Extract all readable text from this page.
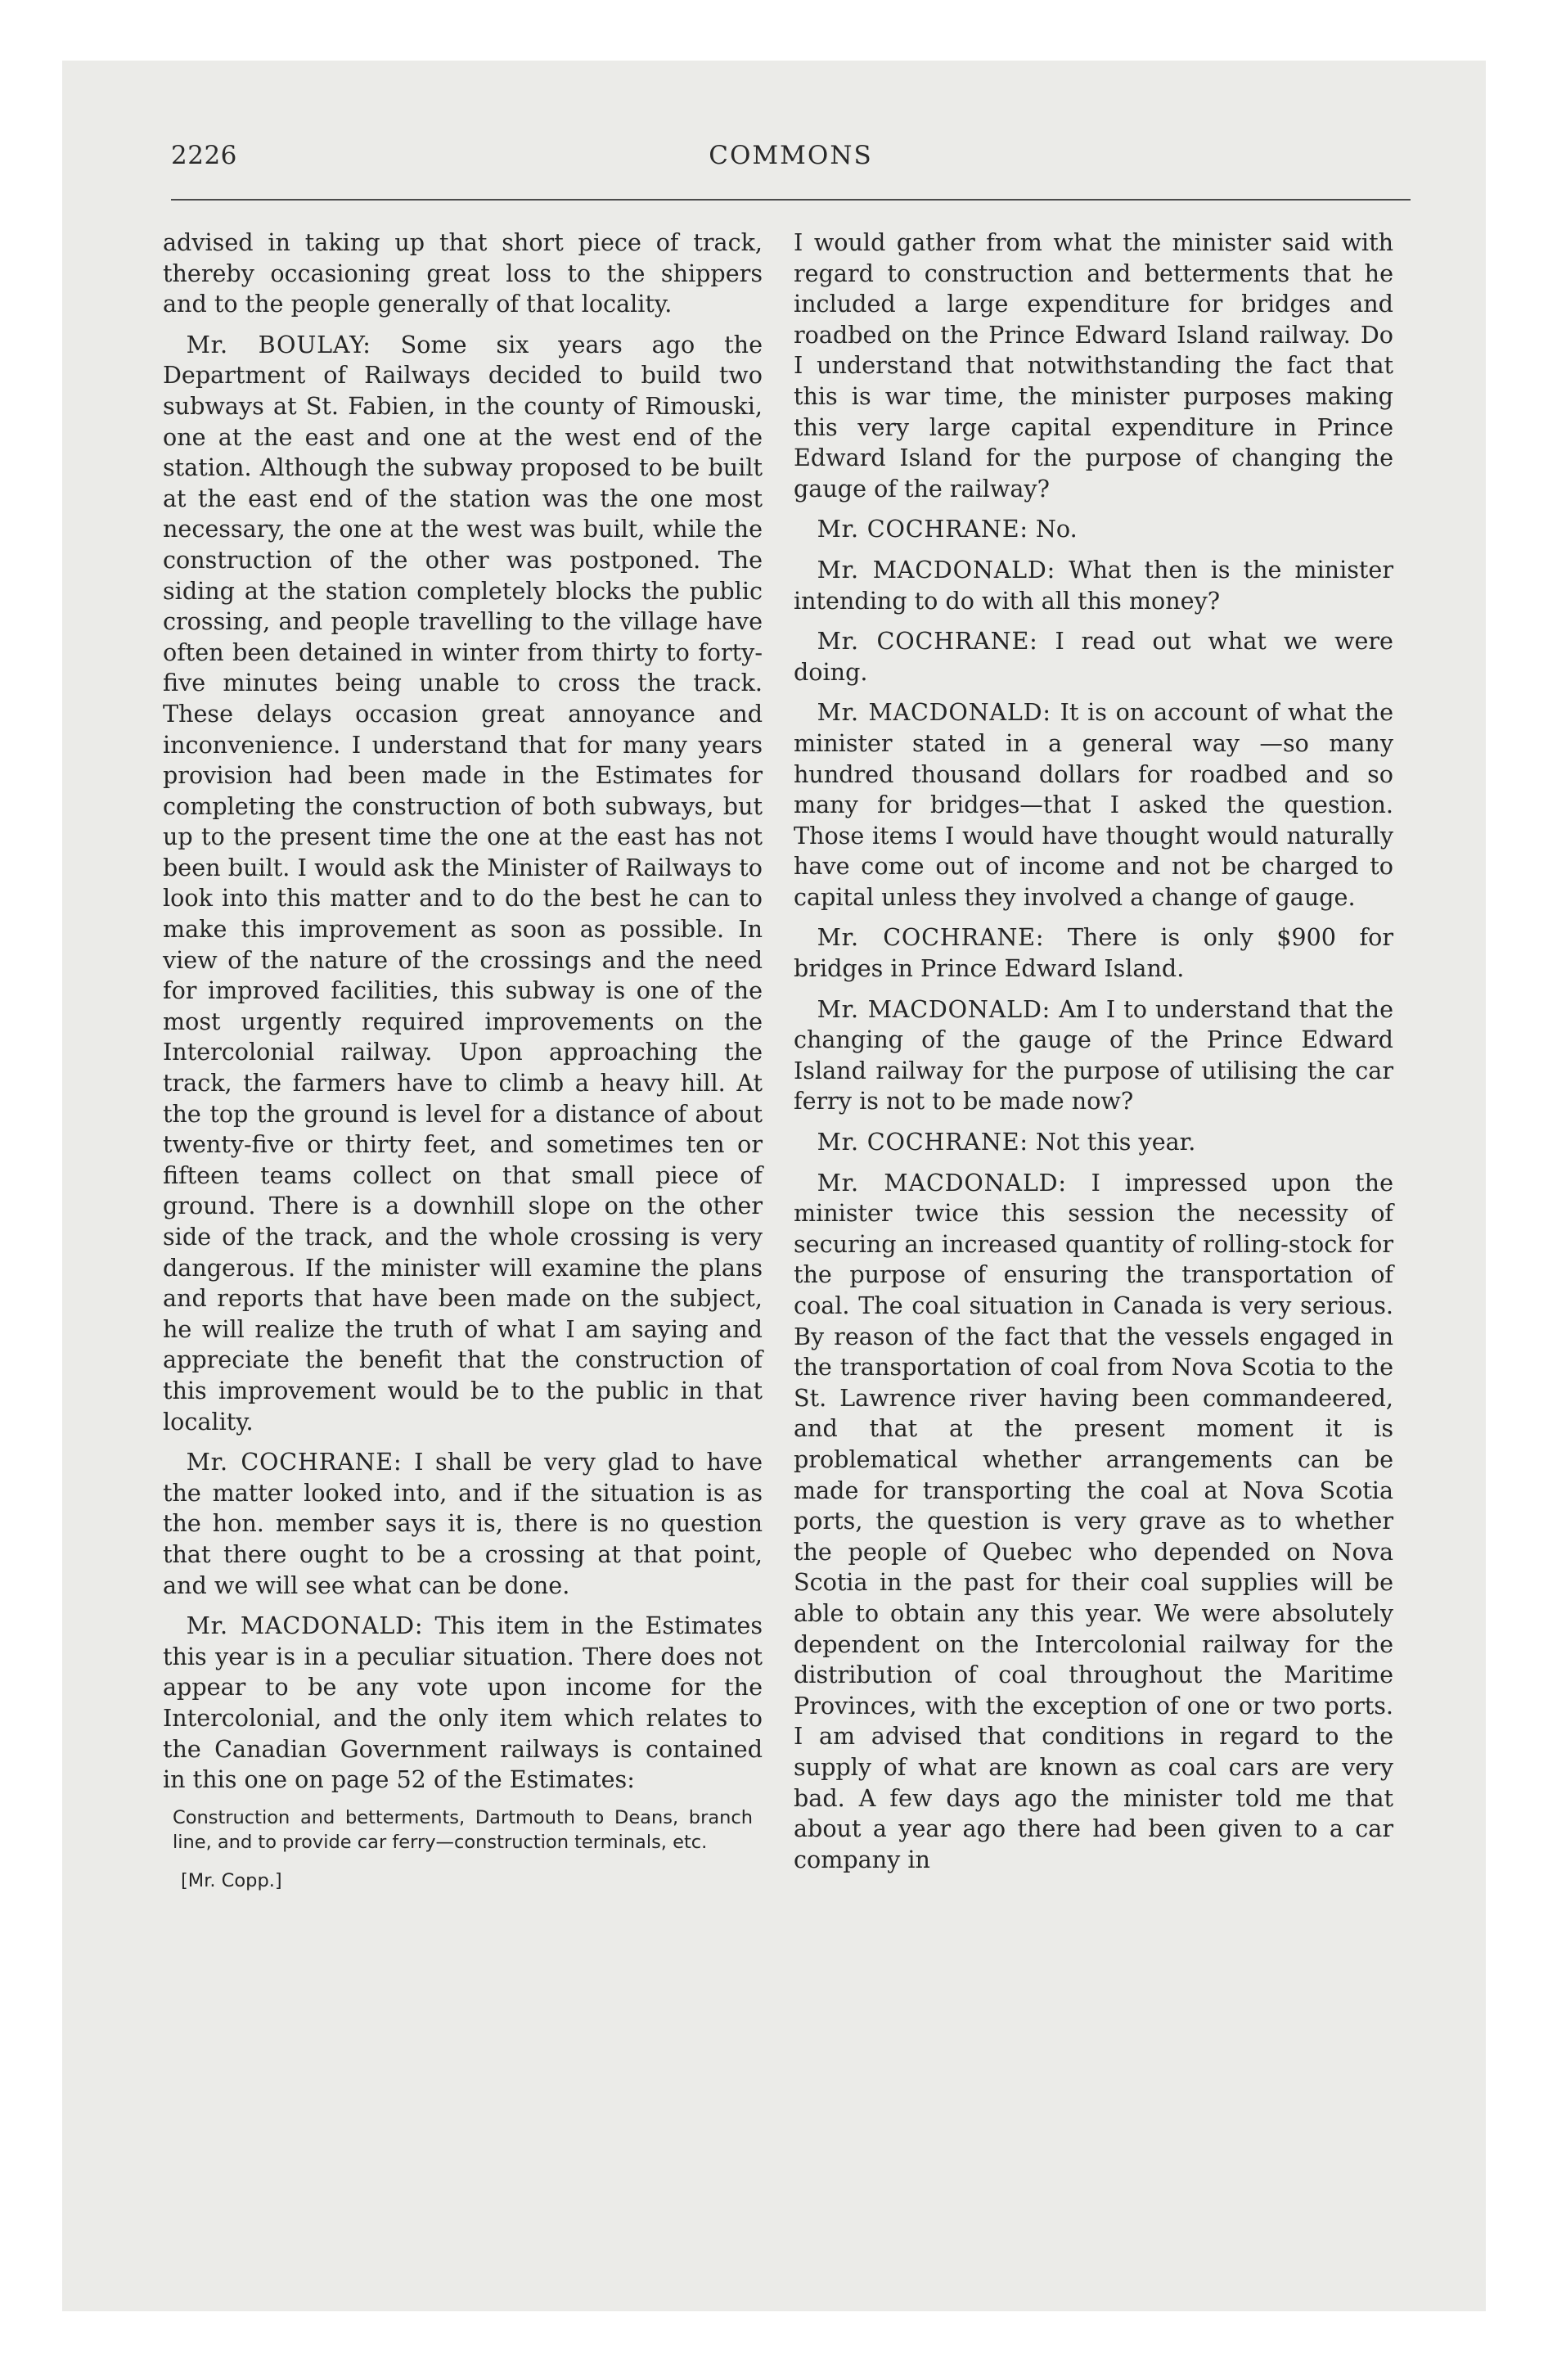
2226	COMMONS

advised in taking up that short piece of track, thereby occasioning great loss to the shippers and to the people generally of that locality.

 Mr. BOULAY: Some six years ago the Department of Railways decided to build two subways at St. Fabien, in the county of Rimouski, one at the east and one at the west end of the station. Although the subway proposed to be built at the east end of the station was the one most necessary, the one at the west was built, while the construction of the other was postponed. The siding at the station completely blocks the public crossing, and people travelling to the village have often been detained in winter from thirty to forty-five minutes being unable to cross the track. These delays occasion great annoyance and inconvenience. I understand that for many years provision had been made in the Estimates for completing the construction of both subways, but up to the present time the one at the east has not been built. I would ask the Minister of Railways to look into this matter and to do the best he can to make this improvement as soon as possible. In view of the nature of the crossings and the need for improved facilities, this subway is one of the most urgently required improvements on the Intercolonial railway. Upon approaching the track, the farmers have to climb a heavy hill. At the top the ground is level for a distance of about twenty-five or thirty feet, and sometimes ten or fifteen teams collect on that small piece of ground. There is a downhill slope on the other side of the track, and the whole crossing is very dangerous. If the minister will examine the plans and reports that have been made on the subject, he will realize the truth of what I am saying and appreciate the benefit that the construction of this improvement would be to the public in that locality.

 Mr. COCHRANE: I shall be very glad to have the matter looked into, and if the situation is as the hon. member says it is, there is no question that there ought to be a crossing at that point, and we will see what can be done.

 Mr. MACDONALD: This item in the Estimates this year is in a peculiar situation. There does not appear to be any vote upon income for the Intercolonial, and the only item which relates to the Canadian Government railways is contained in this one on page 52 of the Estimates:

Construction and betterments, Dartmouth to Deans, branch line, and to provide car ferry—construction terminals, etc.

[Mr. Copp.]

I would gather from what the minister said with regard to construction and betterments that he included a large expenditure for bridges and roadbed on the Prince Edward Island railway. Do I understand that notwithstanding the fact that this is war time, the minister purposes making this very large capital expenditure in Prince Edward Island for the purpose of changing the gauge of the railway?

 Mr. COCHRANE: No.

 Mr. MACDONALD: What then is the minister intending to do with all this money?

 Mr. COCHRANE: I read out what we were doing.

 Mr. MACDONALD: It is on account of what the minister stated in a general way —so many hundred thousand dollars for roadbed and so many for bridges—that I asked the question. Those items I would have thought would naturally have come out of income and not be charged to capital unless they involved a change of gauge.

 Mr. COCHRANE: There is only $900 for bridges in Prince Edward Island.

 Mr. MACDONALD: Am I to understand that the changing of the gauge of the Prince Edward Island railway for the purpose of utilising the car ferry is not to be made now?

 Mr. COCHRANE: Not this year.

 Mr. MACDONALD: I impressed upon the minister twice this session the necessity of securing an increased quantity of rolling-stock for the purpose of ensuring the transportation of coal. The coal situation in Canada is very serious. By reason of the fact that the vessels engaged in the transportation of coal from Nova Scotia to the St. Lawrence river having been commandeered, and that at the present moment it is problematical whether arrangements can be made for transporting the coal at Nova Scotia ports, the question is very grave as to whether the people of Quebec who depended on Nova Scotia in the past for their coal supplies will be able to obtain any this year. We were absolutely dependent on the Intercolonial railway for the distribution of coal throughout the Maritime Provinces, with the exception of one or two ports. I am advised that conditions in regard to the supply of what are known as coal cars are very bad. A few days ago the minister told me that about a year ago there had been given to a car company in
